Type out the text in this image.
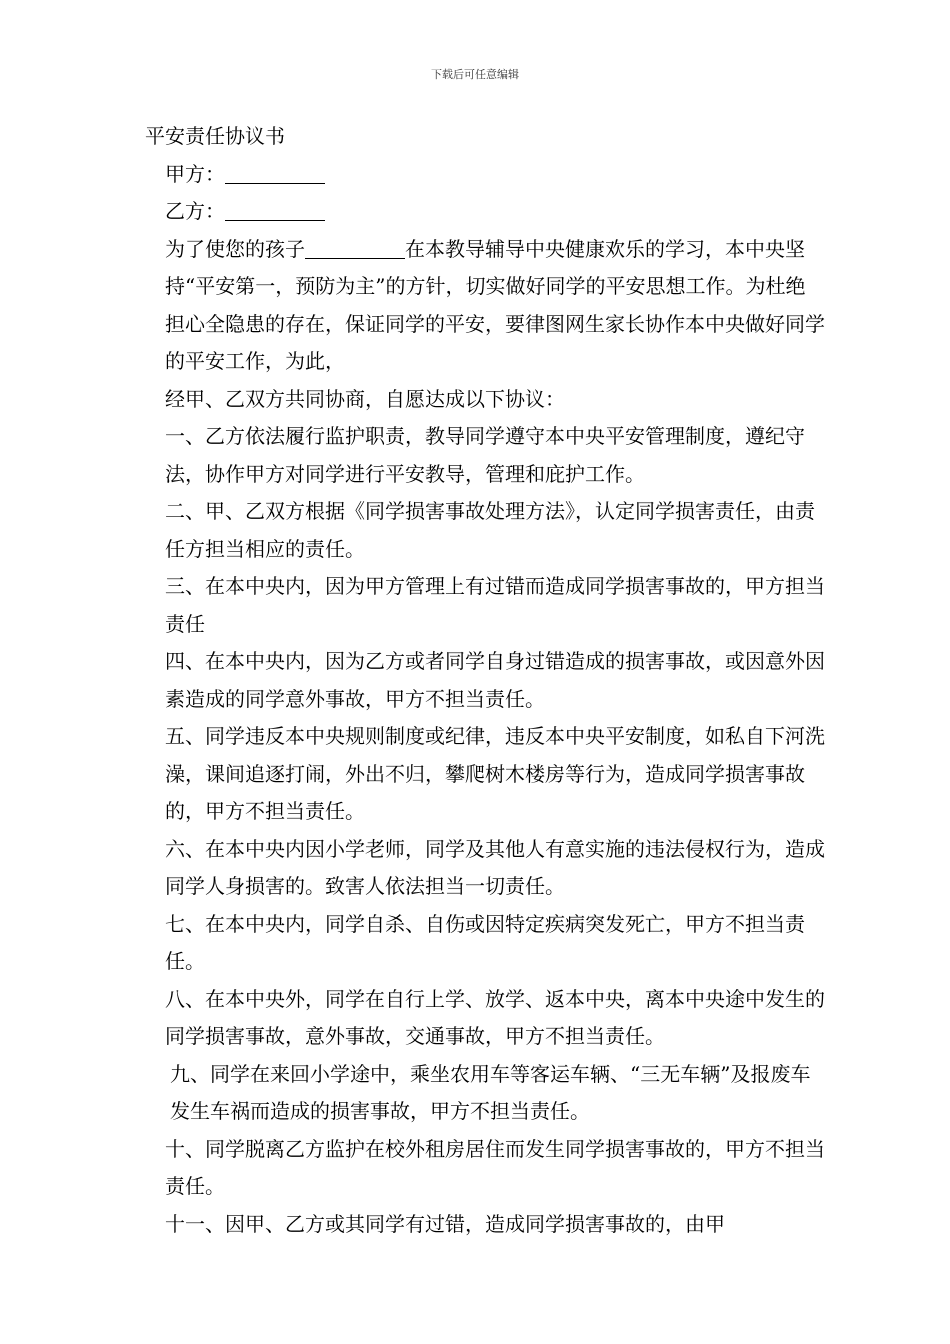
下载后可任意编辑

平安责任协议书

甲方：

乙方：

为了使您的孩子	在本教导辅导中央健康欢乐的学习，本中央坚持“平安第一，预防为主”的方针，切实做好同学的平安思想工作。为杜绝担心全隐患的存在，保证同学的平安，要律图网生家长协作本中央做好同学的平安工作，为此，

经甲、乙双方共同协商，自愿达成以下协议：

一、乙方依法履行监护职责，教导同学遵守本中央平安管理制度，遵纪守法，协作甲方对同学进行平安教导，管理和庇护工作。

二、甲、乙双方根据《同学损害事故处理方法》，认定同学损害责任，由责任方担当相应的责任。

三、在本中央内，因为甲方管理上有过错而造成同学损害事故的，甲方担当责任

四、在本中央内，因为乙方或者同学自身过错造成的损害事故，或因意外因素造成的同学意外事故，甲方不担当责任。

五、同学违反本中央规则制度或纪律，违反本中央平安制度，如私自下河洗澡，课间追逐打闹，外出不归，攀爬树木楼房等行为，造成同学损害事故的，甲方不担当责任。

六、在本中央内因小学老师，同学及其他人有意实施的违法侵权行为，造成同学人身损害的。致害人依法担当一切责任。

七、在本中央内，同学自杀、自伤或因特定疾病突发死亡，甲方不担当责任。

八、在本中央外，同学在自行上学、放学、返本中央，离本中央途中发生的同学损害事故，意外事故，交通事故，甲方不担当责任。

九、同学在来回小学途中，乘坐农用车等客运车辆、“三无车辆”及报废车发生车祸而造成的损害事故，甲方不担当责任。

十、同学脱离乙方监护在校外租房居住而发生同学损害事故的，甲方不担当责任。

十一、因甲、乙方或其同学有过错，造成同学损害事故的，由甲
